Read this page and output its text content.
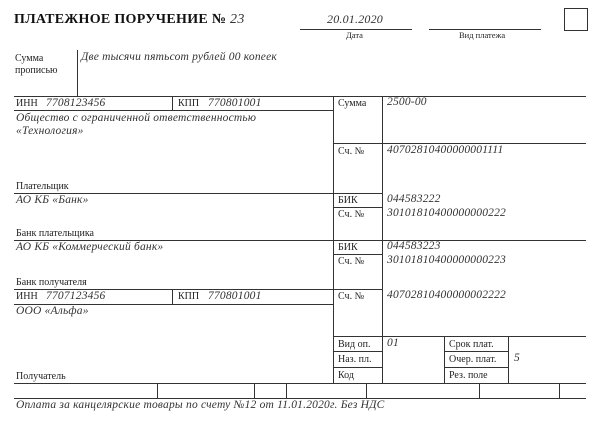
ПЛАТЕЖНОЕ ПОРУЧЕНИЕ № 23	20.01.2020
Дата	Вид платежа
Сумма
прописью
Две тысячи пятьсот рублей 00 копеек
ИНН 7708123456	КПП 770801001
Общество с ограниченной ответственностью
«Технология»
Плательщик
Сумма 2500-00
Сч. № 40702810400000001111
АО КБ «Банк»
Банк плательщика
БИК	044583222
Сч. № 30101810400000000222
АО КБ «Коммерческий банк»
Банк получателя
БИК	044583223
Сч. № 30101810400000000223
ИНН 7707123456	КПП 770801001
ООО «Альфа»
Получатель
Сч. № 40702810400000002222
Вид оп. 01
Наз. пл.
Код
Срок плат.
Очер. плат. 5
Рез. поле
Оплата за канцелярские товары по счету №12 от 11.01.2020г. Без НДС
